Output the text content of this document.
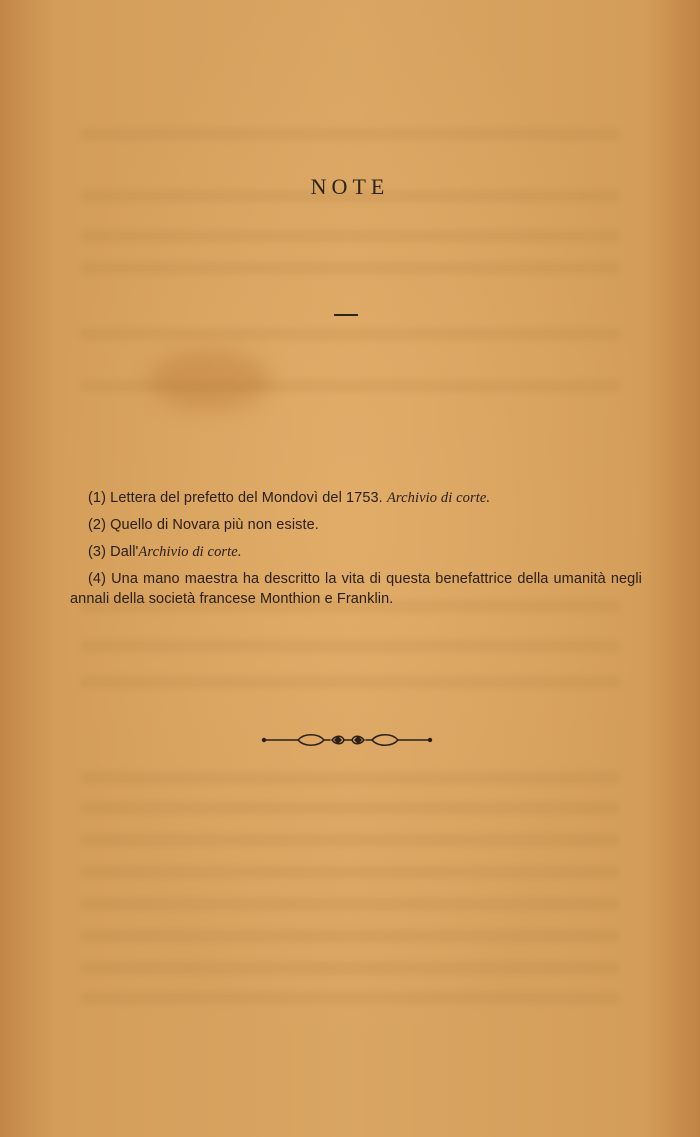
NOTE

(1) Lettera del prefetto del Mondovì del 1753. Archivio di corte.

(2) Quello di Novara più non esiste.

(3) Dall'Archivio di corte.

(4) Una mano maestra ha descritto la vita di questa benefattrice della umanità negli annali della società francese Monthion e Franklin.
